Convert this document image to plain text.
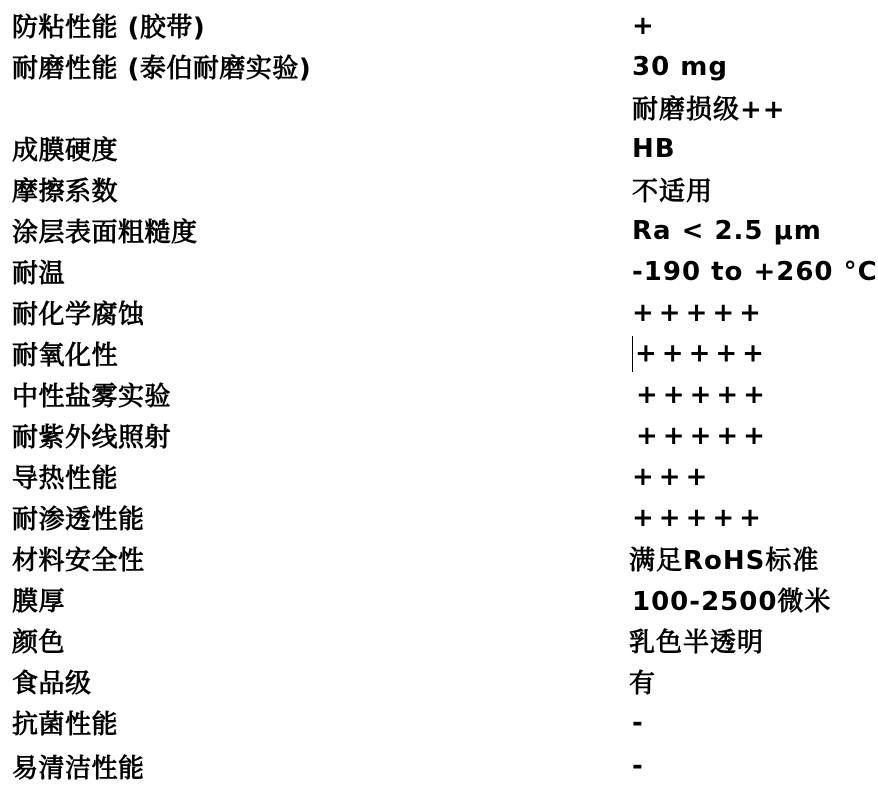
防粘性能 (胶带)	+
耐磨性能 (泰伯耐磨实验)	30 mg
耐磨损级++
成膜硬度	HB
摩擦系数	不适用
涂层表面粗糙度	Ra < 2.5 μm
耐温	-190 to +260 °C
耐化学腐蚀	+++++
耐氧化性	+++++
中性盐雾实验	+++++
耐紫外线照射	+++++
导热性能	+++
耐渗透性能	+++++
材料安全性	满足RoHS标准
膜厚	100-2500微米
颜色	乳色半透明
食品级	有
抗菌性能	-
易清洁性能	-
